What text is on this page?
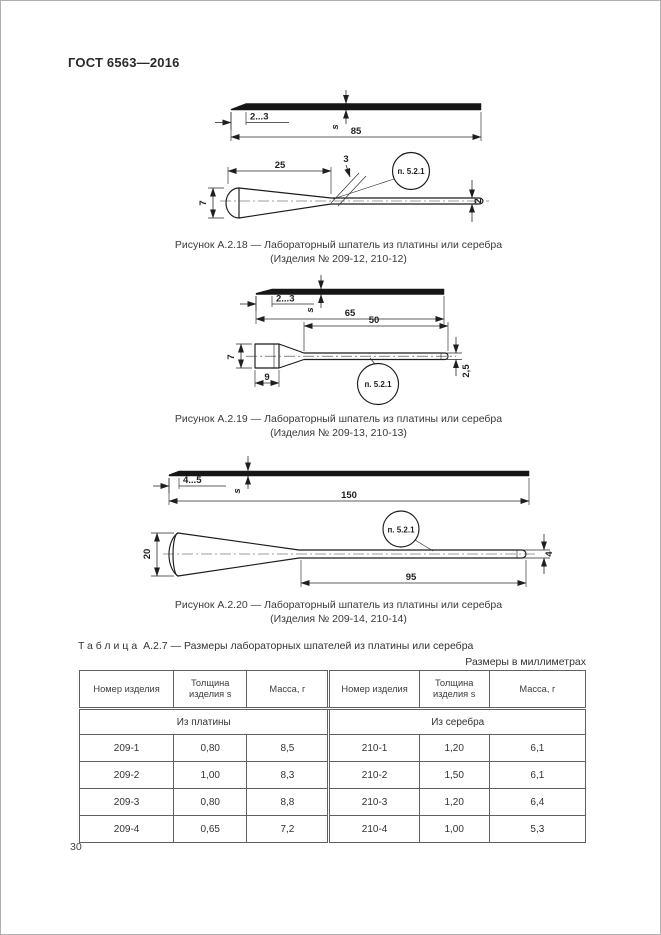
ГОСТ 6563—2016
2...3
s 85
7
25
3
п. 5.2.1
2
Рисунок А.2.18 — Лабораторный шпатель из платины или серебра
(Изделия № 209-12, 210-12)
2...3
s	65
7
9
50
2,5
п. 5.2.1
Рисунок А.2.19 — Лабораторный шпатель из платины или серебра
(Изделия № 209-13, 210-13)
4...5
s	150
20
95
4
п. 5.2.1
Рисунок А.2.20 — Лабораторный шпатель из платины или серебра
(Изделия № 209-14, 210-14)
Таблица А.2.7 — Размеры лабораторных шпателей из платины или серебра
Размеры в миллиметрах
Номер изделия	Толщина изделия s	Масса, г	Номер изделия	Толщина изделия s	Масса, г
Из платины			Из серебра		
209-1	0,80	8,5	210-1	1,20	6,1
209-2	1,00	8,3	210-2	1,50	6,1
209-3	0,80	8,8	210-3	1,20	6,4
209-4	0,65	7,2	210-4	1,00	5,3
30
